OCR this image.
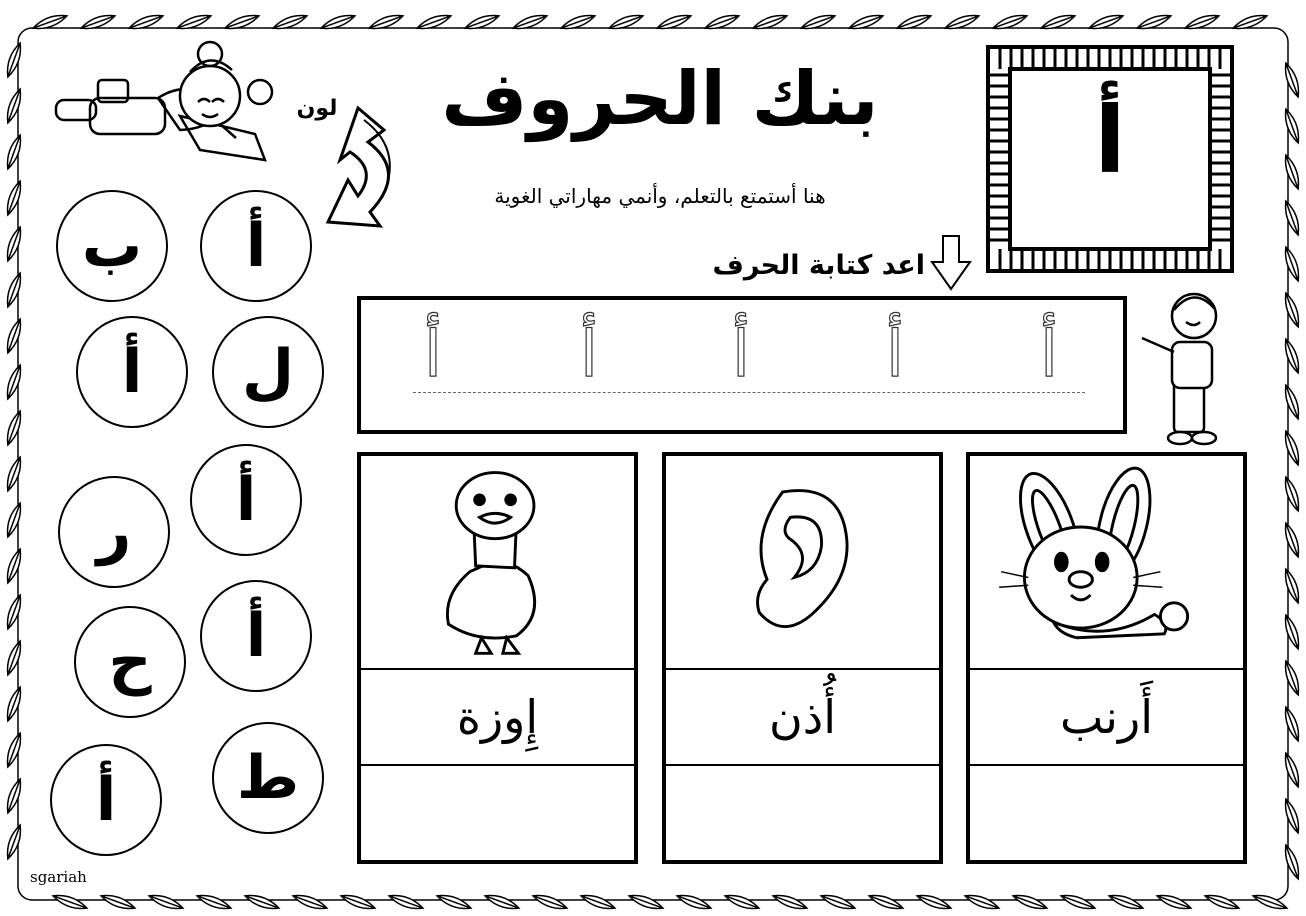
لون بنك الحروف
هنا أستمتع بالتعلم، وأنمي مهاراتي الغوية
أ
اعد كتابة الحرف
أ أ أ أ أ
أ
ب
ل
أ
أ
ر
أ
ح
ط
أ
أَرنب
أُذن
إِوزة
sgariah
